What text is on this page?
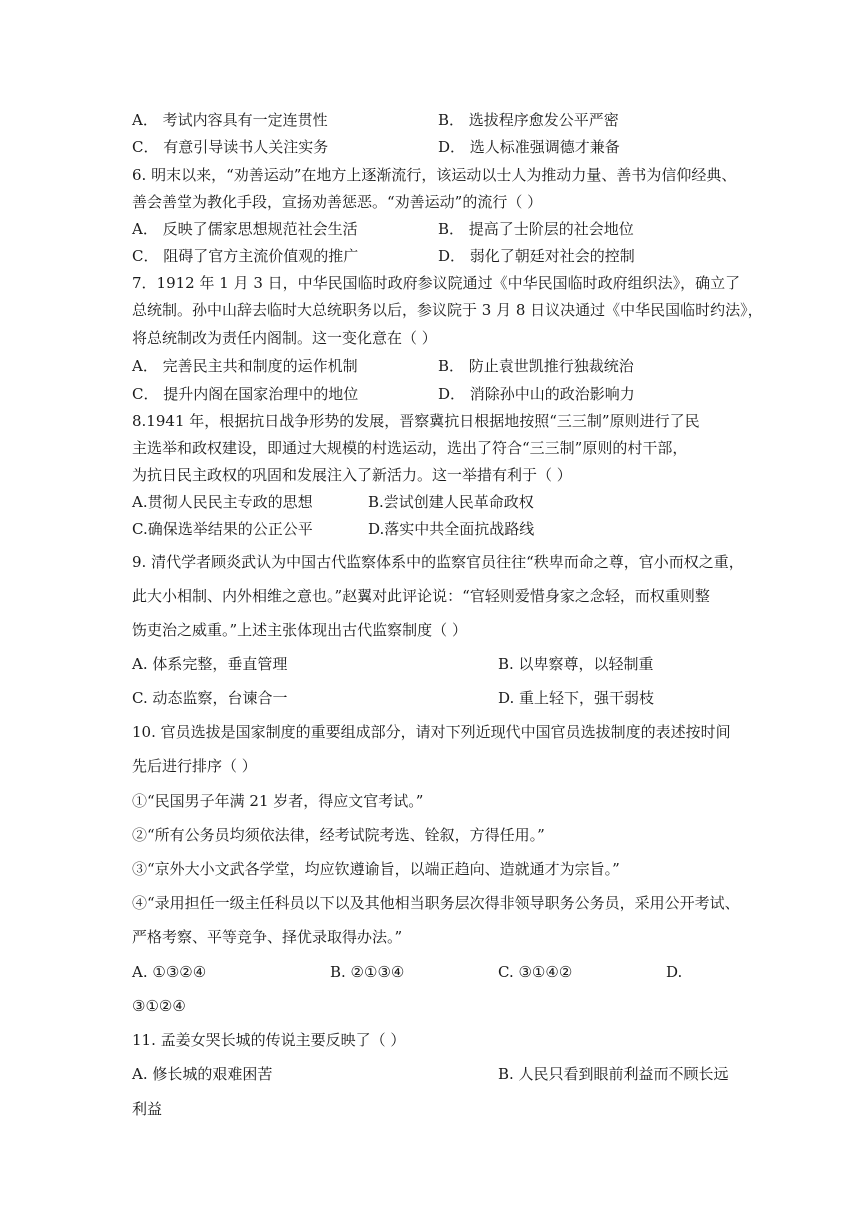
A． 考试内容具有一定连贯性	B． 选拔程序愈发公平严密
C． 有意引导读书人关注实务	D． 选人标准强调德才兼备
6. 明末以来，“劝善运动”在地方上逐渐流行，该运动以士人为推动力量、善书为信仰经典、
善会善堂为教化手段，宣扬劝善惩恶。“劝善运动”的流行（ ）
A． 反映了儒家思想规范社会生活	B． 提高了士阶层的社会地位
C． 阻碍了官方主流价值观的推广	D． 弱化了朝廷对社会的控制
7．1912 年 1 月 3 日，中华民国临时政府参议院通过《中华民国临时政府组织法》，确立了
总统制。孙中山辞去临时大总统职务以后，参议院于 3 月 8 日议决通过《中华民国临时约法》，
将总统制改为责任内阁制。这一变化意在（ ）
A． 完善民主共和制度的运作机制	B． 防止袁世凯推行独裁统治
C． 提升内阁在国家治理中的地位	D． 消除孙中山的政治影响力
8.1941 年，根据抗日战争形势的发展，晋察冀抗日根据地按照“三三制”原则进行了民
主选举和政权建设，即通过大规模的村选运动，选出了符合“三三制”原则的村干部，
为抗日民主政权的巩固和发展注入了新活力。这一举措有利于（ ）
A.贯彻人民民主专政的思想	B.尝试创建人民革命政权
C.确保选举结果的公正公平	D.落实中共全面抗战路线
9. 清代学者顾炎武认为中国古代监察体系中的监察官员往往“秩卑而命之尊，官小而权之重，
此大小相制、内外相维之意也。”赵翼对此评论说：“官轻则爱惜身家之念轻，而权重则整
饬吏治之威重。”上述主张体现出古代监察制度（ ）
A. 体系完整，垂直管理	B. 以卑察尊，以轻制重
C. 动态监察，台谏合一	D. 重上轻下，强干弱枝
10. 官员选拔是国家制度的重要组成部分，请对下列近现代中国官员选拔制度的表述按时间
先后进行排序（ ）
①“民国男子年满 21 岁者，得应文官考试。”
②“所有公务员均须依法律，经考试院考选、铨叙，方得任用。”
③“京外大小文武各学堂，均应钦遵谕旨，以端正趋向、造就通才为宗旨。”
④“录用担任一级主任科员以下以及其他相当职务层次得非领导职务公务员，采用公开考试、
严格考察、平等竞争、择优录取得办法。”
A. ①③②④	B. ②①③④	C. ③①④②	D.
③①②④
11. 孟姜女哭长城的传说主要反映了（ ）
A. 修长城的艰难困苦	B. 人民只看到眼前利益而不顾长远
利益
